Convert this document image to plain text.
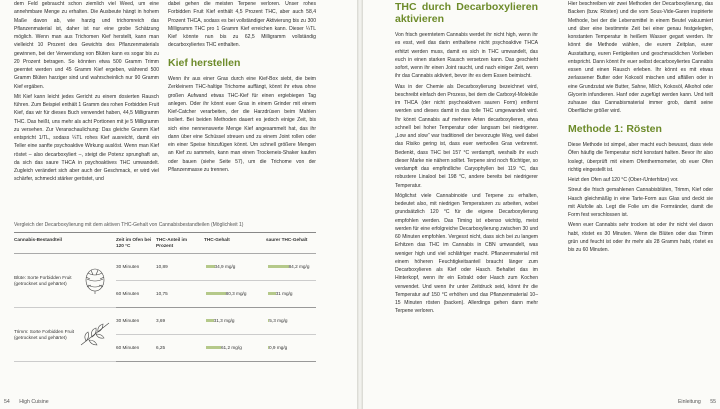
dem Feld gebraucht schon ziemlich viel Weed, um eine annehmbare Menge zu erhalten. Die Ausbeute hängt in hohem Maße davon ab, wie harzig und trichomreich das Pflanzenmaterial ist, daher ist nur eine grobe Schätzung möglich. Wenn man aus Trichomen Kief herstellt, kann man vielleicht 10 Prozent des Gewichts des Pflanzenmaterials gewinnen, bei der Verwendung von Blüten kann es sogar bis zu 20 Prozent betragen. So könnten etwa 500 Gramm Trimm geerntet werden und 45 Gramm Kief ergeben, während 500 Gramm Blüten harziger sind und wahrscheinlich nur 90 Gramm Kief ergäben.

Mit Kief kann leicht jedes Gericht zu einem dosierten Rausch führen. Zum Beispiel enthält 1 Gramm des rohen Forbidden Fruit Kief, das wir für dieses Buch verwendet haben, 44,5 Milligramm THC. Das heißt, uns mehr als acht Portionen mit je 5 Milligramm zu versehen. Zur Veranschaulichung: Das gleiche Gramm Kief entspricht 1/TL, sodass ¼TL rohes Kief ausreicht, damit ein Teller eine sanfte psychoaktive Wirkung auslöst. Wenn man Kief röstet – also decarboxyliert –, steigt die Potenz sprunghaft an, da sich das saure THCA in psychoaktives THC umwandelt. Zugleich verändert sich aber auch der Geschmack, er wird viel schärfer, schmeckt stärker geröstet, und

dabei gehen die meisten Terpene verloren. Unser rohes Forbidden Fruit Kief enthält 4,5 Prozent THC, aber auch 58,4 Prozent THCA, sodass es bei vollständiger Aktivierung bis zu 300 Milligramm THC pro 1 Gramm Kief erreichen kann. Dieser ¼TL Kief könnte nun bis zu 62,5 Milligramm vollständig decarboxyliertes THC enthalten.

Kief herstellen

Wenn ihr aus einer Gras durch eine Kief-Box siebt, die beim Zerkleinern THC-haltige Trichome auffängt, könnt ihr etwa ohne großen Aufwand etwas THC-Kief für einen ergiebiegen Tag anlegen. Oder ihr könnt euer Gras in einem Grinder mit einem Kief-Catcher verarbeiten, der die Harzdrüsen beim Mahlen isoliert. Bei beiden Methoden dauert es jedoch einige Zeit, bis sich eine nennenswerte Menge Kief angesammelt hat, das ihr dann über eine Schüssel streuen und zu einem Joint rollen oder ein einer Speise hinzufügen könnt. Um schnell größere Mengen an Kief zu sammeln, kann man einen Trockeneis-Shaker kaufen oder bauen (siehe Seite 57), um die Trichome von der Pflanzenmasse zu trennen.

Vergleich der Decarboxylierung mit dem aktiven THC-Gehalt von Cannabisbestandteilen (Möglichkeit 1)
Cannabis-Bestandteil		Zeit im Ofen bei 120 °C	THC-Anteil im Prozent	THC-Gehalt	saurer THC-Gehalt
Blüte: Sorte Forbidden Fruit (getrocknet und gehärtet)		30 Minuten	10,89	34,9 mg/g	84,2 mg/g
		60 Minuten	10,75	80,3 mg/g	31 mg/g
Trimm: Sorte Forbidden Fruit (getrocknet und gehärtet)		30 Minuten	3,69	31,3 mg/g	5,3 mg/g
		60 Minuten	6,25	61,2 mg/g	0,9 mg/g
54 High Cuisine
THC durch Decarboxylieren aktivieren

Von frisch geerntetem Cannabis werdet ihr nicht high, wenn ihr es esst, weil das darin enthaltene nicht psychoaktive THCA erhitzt werden muss, damit es sich in THC umwandelt, das euch in einen starken Rausch versetzen kann. Das geschieht sofort, wenn ihr einen Joint raucht, und nach einiger Zeit, wenn ihr das Cannabis aktiviert, bevor ihr es dem Essen beimischt.

Was in der Chemie als Decarboxylierung bezeichnet wird, beschreibt einfach den Prozess, bei dem die Carboxyl-Moleküle im THCA (der nicht psychoaktiven sauren Form) entfernt werden und dieses damit in das tolle THC umgewandelt wird. Ihr könnt Cannabis auf mehrere Arten decarboxylieren, etwa schnell bei hoher Temperatur oder langsam bei niedrigerer. „Low and slow“ war traditionell der bevorzugte Weg, weil dabei das Risiko gering ist, dass euer wertvolles Gras verbrennt. Bedenkt, dass THC bei 157 °C verdampft, weshalb ihr euch dieser Marke nie nähern solltet. Terpene sind noch flüchtiger, so verdampft das empfindliche Caryophyllen bei 119 °C, das robustere Linalool bei 198 °C, andere bereits bei niedrigerer Temperatur.

Möglichst viele Cannabinoide und Terpene zu erhalten, bedeutet also, mit niedrigen Temperaturen zu arbeiten, wobei grundsätzlich 120 °C für die eigene Decarboxylierung empfohlen werden. Das Timing ist ebenso wichtig, meist werden für eine erfolgreiche Decarboxylierung zwischen 30 und 60 Minuten empfohlen. Vergesst nicht, dass sich bei zu langem Erhitzen das THC im Cannabis in CBN umwandelt, was weniger high und viel schläfriger macht. Pflanzenmaterial mit einem höheren Feuchtigkeitsanteil braucht länger zum Decarboxylieren als Kief oder Hasch. Behaltet das im Hinterkopf, wenn ihr ein Extrakt oder Hasch zum Kochen verwendet. Und wenn ihr unter Zeitdruck seid, könnt ihr die Temperatur auf 150 °C erhöhen und das Pflanzenmaterial 10–15 Minuten rösten (backen). Allerdings gehen dann mehr Terpene verloren.

Hier beschreiben wir zwei Methoden der Decarboxylierung, das Backen (bzw. Rösten) und die vom Sous-Vide-Garen inspirierte Methode, bei der die Lebensmittel in einem Beutel vakuumiert und über eine bestimmte Zeit bei einer genau festgelegten, konstanten Temperatur in heißem Wasser gegart werden. Ihr könnt die Methode wählen, die eurem Zeitplan, eurer Ausstattung, euren Fertigkeiten und geschmacklichen Vorlieben entspricht. Dann könnt ihr euer selbst decarboxyliertes Cannabis essen und einen Rausch erleben. Ihr könnt es mit etwas zerlassener Butter oder Kokosöl mischen und affällen oder in eine Grundzutat wie Butter, Sahne, Milch, Kokosöl, Alkohol oder Glycerin infundieren. Hanf oder zugefügt werden kann. Und teilt zuhause das Cannabismaterial immer grob, damit seine Oberfläche größer wird.

Methode 1: Rösten

Diese Methode ist simpel, aber macht euch bewusst, dass viele Öfen häufig die Temperatur nicht konstant halten. Bevor ihr also loslegt, überprüft mit einem Ofenthermometer, ob euer Ofen richtig eingestellt ist.

Heizt den Ofen auf 120 °C (Ober-/Unterhitze) vor.

Streut die frisch gemahlenen Cannabisblüten, Trimm, Kief oder Hasch gleichmäßig in eine Tarte-Form aus Glas und deckt sie mit Alufolie ab. Legt die Folie um die Formränder, damit die Form fest verschlossen ist.

Wenn euer Cannabis sehr trocken ist oder ihr nicht viel davon habt, röstet es 30 Minuten. Wenn die Blüten oder das Trimm grün und feucht ist oder ihr mehr als 28 Gramm habt, röstet es bis zu 60 Minuten.

Einleitung 55
